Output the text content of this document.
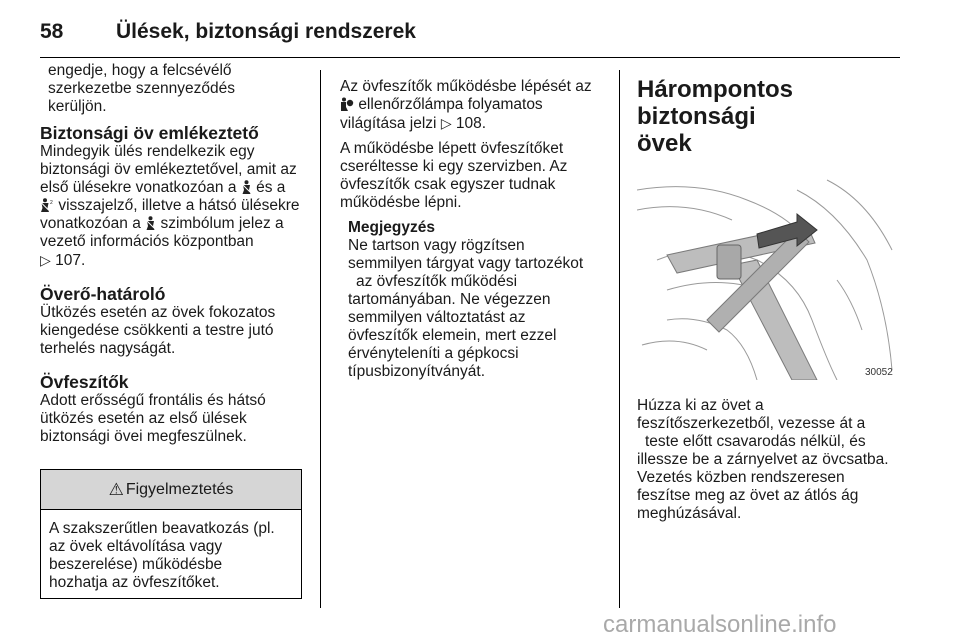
58	Ülések, biztonsági rendszerek

engedje, hogy a felcsévélő
szerkezetbe szennyeződés
kerüljön.

Biztonsági öv emlékeztető

Mindegyik ülés rendelkezik egy
biztonsági öv emlékeztetővel, amit az
első ülésekre vonatkozóan a és a

2 visszajelző, illetve a hátsó ülésekre
vonatkozóan a szimbólum jelez a
vezető információs központban
▷ 107.

Överő-határoló

Ütközés esetén az övek fokozatos
kiengedése csökkenti a testre jutó
terhelés nagyságát.

Övfeszítők

Adott erősségű frontális és hátsó
ütközés esetén az első ülések
biztonsági övei megfeszülnek.

⚠ Figyelmeztetés
A szakszerűtlen beavatkozás (pl.
az övek eltávolítása vagy
beszerelése) működésbe
hozhatja az övfeszítőket.

Az övfeszítők működésbe lépését az
ellenőrzőlámpa folyamatos
világítása jelzi ▷ 108.

A működésbe lépett övfeszítőket
cseréltesse ki egy szervizben. Az
övfeszítők csak egyszer tudnak
működésbe lépni.

Megjegyzés

Ne tartson vagy rögzítsen
semmilyen tárgyat vagy tartozékot
az övfeszítők működési
tartományában. Ne végezzen
semmilyen változtatást az
övfeszítők elemein, mert ezzel
érvényteleníti a gépkocsi
típusbizonyítványát.

Hárompontos biztonsági
övek
30052

Húzza ki az övet a
feszítőszerkezetből, vezesse át a
teste előtt csavarodás nélkül, és
illessze be a zárnyelvet az övcsatba.
Vezetés közben rendszeresen
feszítse meg az övet az átlós ág
meghúzásával.

carmanualsonline.info
